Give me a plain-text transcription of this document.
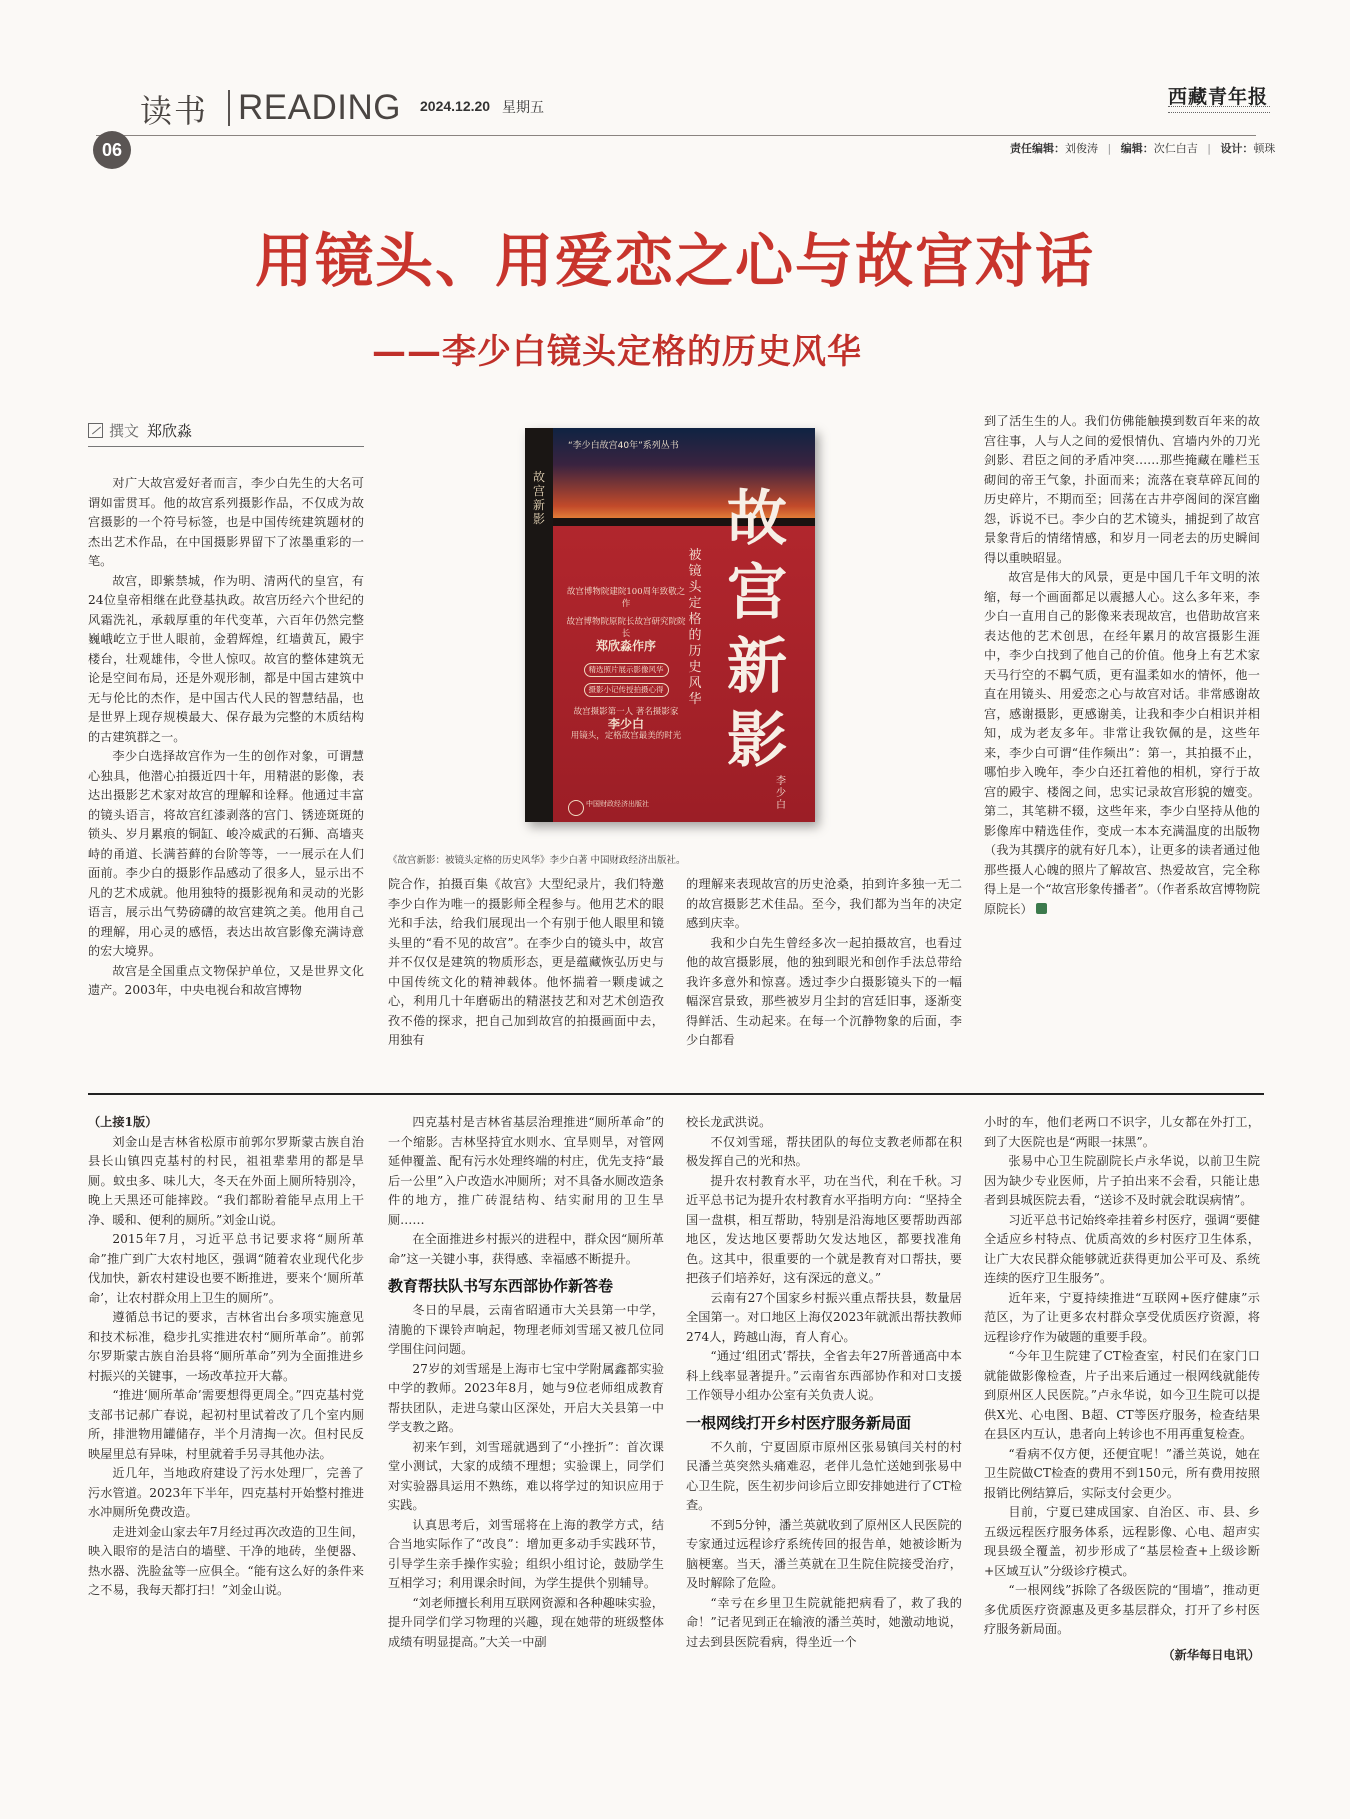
读书 READING 2024.12.20 星期五
06
西藏青年报
责任编辑：刘俊涛 | 编辑：次仁白吉 | 设计：顿珠
用镜头、用爱恋之心与故宫对话
——李少白镜头定格的历史风华
撰文 郑欣淼

对广大故宫爱好者而言，李少白先生的大名可谓如雷贯耳。他的故宫系列摄影作品，不仅成为故宫摄影的一个符号标签，也是中国传统建筑题材的杰出艺术作品，在中国摄影界留下了浓墨重彩的一笔。

故宫，即紫禁城，作为明、清两代的皇宫，有24位皇帝相继在此登基执政。故宫历经六个世纪的风霜洗礼，承载厚重的年代变革，六百年仍然完整巍峨屹立于世人眼前，金碧辉煌，红墙黄瓦，殿宇楼台，壮观雄伟，令世人惊叹。故宫的整体建筑无论是空间布局，还是外观形制，都是中国古建筑中无与伦比的杰作，是中国古代人民的智慧结晶，也是世界上现存规模最大、保存最为完整的木质结构的古建筑群之一。

李少白选择故宫作为一生的创作对象，可谓慧心独具，他潜心拍摄近四十年，用精湛的影像，表达出摄影艺术家对故宫的理解和诠释。他通过丰富的镜头语言，将故宫红漆剥落的宫门、锈迹斑斑的锁头、岁月累痕的铜缸、峻冷威武的石狮、高墙夹峙的甬道、长满苔藓的台阶等等，一一展示在人们面前。李少白的摄影作品感动了很多人，显示出不凡的艺术成就。他用独特的摄影视角和灵动的光影语言，展示出气势磅礴的故宫建筑之美。他用自己的理解，用心灵的感悟，表达出故宫影像充满诗意的宏大境界。

故宫是全国重点文物保护单位，又是世界文化遗产。2003年，中央电视台和故宫博物

院合作，拍摄百集《故宫》大型纪录片，我们特邀李少白作为唯一的摄影师全程参与。他用艺术的眼光和手法，给我们展现出一个有别于他人眼里和镜头里的“看不见的故宫”。在李少白的镜头中，故宫并不仅仅是建筑的物质形态，更是蕴藏恢弘历史与中国传统文化的精神载体。他怀揣着一颗虔诚之心，利用几十年磨砺出的精湛技艺和对艺术创造孜孜不倦的探求，把自己加到故宫的拍摄画面中去，用独有

的理解来表现故宫的历史沧桑，拍到许多独一无二的故宫摄影艺术佳品。至今，我们都为当年的决定感到庆幸。

我和少白先生曾经多次一起拍摄故宫，也看过他的故宫摄影展，他的独到眼光和创作手法总带给我许多意外和惊喜。透过李少白摄影镜头下的一幅幅深宫景致，那些被岁月尘封的宫廷旧事，逐渐变得鲜活、生动起来。在每一个沉静物象的后面，李少白都看

到了活生生的人。我们仿佛能触摸到数百年来的故宫往事，人与人之间的爱恨情仇、宫墙内外的刀光剑影、君臣之间的矛盾冲突……那些掩藏在雕栏玉砌间的帝王气象，扑面而来；流落在衰草碎瓦间的历史碎片，不期而至；回荡在古井亭阁间的深宫幽怨，诉说不已。李少白的艺术镜头，捕捉到了故宫景象背后的情绪情感，和岁月一同老去的历史瞬间得以重映昭显。

故宫是伟大的风景，更是中国几千年文明的浓缩，每一个画面都足以震撼人心。这么多年来，李少白一直用自己的影像来表现故宫，也借助故宫来表达他的艺术创思，在经年累月的故宫摄影生涯中，李少白找到了他自己的价值。他身上有艺术家天马行空的不羁气质，更有温柔如水的情怀，他一直在用镜头、用爱恋之心与故宫对话。非常感谢故宫，感谢摄影，更感谢美，让我和李少白相识并相知，成为老友多年。非常让我钦佩的是，这些年来，李少白可谓“佳作频出”：第一，其拍摄不止，哪怕步入晚年，李少白还扛着他的相机，穿行于故宫的殿宇、楼阁之间，忠实记录故宫形貌的嬗变。第二，其笔耕不辍，这些年来，李少白坚持从他的影像库中精选佳作，变成一本本充满温度的出版物（我为其撰序的就有好几本），让更多的读者通过他那些摄人心魄的照片了解故宫、热爱故宫，完全称得上是一个“故宫形象传播者”。（作者系故宫博物院原院长）

故宫新影
“李少白故宫40年”系列丛书
故宫新影
被镜头定格的历史风华
李少白
故宫博物院建院100周年致敬之作
故宫博物院原院长故宫研究院院长
郑欣淼作序
精选照片展示影像风华摄影小记传授拍摄心得
故宫摄影第一人 著名摄影家
李少白
用镜头，定格故宫最美的时光
中国财政经济出版社
《故宫新影：被镜头定格的历史风华》李少白著 中国财政经济出版社。

（上接1版）

刘金山是吉林省松原市前郭尔罗斯蒙古族自治县长山镇四克基村的村民，祖祖辈辈用的都是旱厕。蚊虫多、味儿大，冬天在外面上厕所特别冷，晚上天黑还可能摔跤。“我们都盼着能早点用上干净、暖和、便利的厕所。”刘金山说。

2015年7月，习近平总书记要求将“厕所革命”推广到广大农村地区，强调“随着农业现代化步伐加快，新农村建设也要不断推进，要来个‘厕所革命’，让农村群众用上卫生的厕所”。

遵循总书记的要求，吉林省出台多项实施意见和技术标准，稳步扎实推进农村“厕所革命”。前郭尔罗斯蒙古族自治县将“厕所革命”列为全面推进乡村振兴的关键事，一场改革拉开大幕。

“推进‘厕所革命’需要想得更周全。”四克基村党支部书记郝广春说，起初村里试着改了几个室内厕所，排泄物用罐储存，半个月清掏一次。但村民反映屋里总有异味，村里就着手另寻其他办法。

近几年，当地政府建设了污水处理厂，完善了污水管道。2023年下半年，四克基村开始整村推进水冲厕所免费改造。

走进刘金山家去年7月经过再次改造的卫生间，映入眼帘的是洁白的墙壁、干净的地砖，坐便器、热水器、洗脸盆等一应俱全。“能有这么好的条件来之不易，我每天都打扫！”刘金山说。

四克基村是吉林省基层治理推进“厕所革命”的一个缩影。吉林坚持宜水则水、宜旱则旱，对管网延伸覆盖、配有污水处理终端的村庄，优先支持“最后一公里”入户改造水冲厕所；对不具备水厕改造条件的地方，推广砖混结构、结实耐用的卫生旱厕……

在全面推进乡村振兴的进程中，群众因“厕所革命”这一关键小事，获得感、幸福感不断提升。

教育帮扶队书写东西部协作新答卷

冬日的早晨，云南省昭通市大关县第一中学，清脆的下课铃声响起，物理老师刘雪瑶又被几位同学围住问问题。

27岁的刘雪瑶是上海市七宝中学附属鑫都实验中学的教师。2023年8月，她与9位老师组成教育帮扶团队，走进乌蒙山区深处，开启大关县第一中学支教之路。

初来乍到，刘雪瑶就遇到了“小挫折”：首次课堂小测试，大家的成绩不理想；实验课上，同学们对实验器具运用不熟练，难以将学过的知识应用于实践。

认真思考后，刘雪瑶将在上海的教学方式，结合当地实际作了“改良”：增加更多动手实践环节，引导学生亲手操作实验；组织小组讨论，鼓励学生互相学习；利用课余时间，为学生提供个别辅导。

“刘老师擅长利用互联网资源和各种趣味实验，提升同学们学习物理的兴趣，现在她带的班级整体成绩有明显提高。”大关一中副

校长龙武洪说。

不仅刘雪瑶，帮扶团队的每位支教老师都在积极发挥自己的光和热。

提升农村教育水平，功在当代，利在千秋。习近平总书记为提升农村教育水平指明方向：“坚持全国一盘棋，相互帮助，特别是沿海地区要帮助西部地区，发达地区要帮助欠发达地区，都要找准角色。这其中，很重要的一个就是教育对口帮扶，要把孩子们培养好，这有深远的意义。”

云南有27个国家乡村振兴重点帮扶县，数量居全国第一。对口地区上海仅2023年就派出帮扶教师274人，跨越山海，育人育心。

“通过‘组团式’帮扶，全省去年27所普通高中本科上线率显著提升。”云南省东西部协作和对口支援工作领导小组办公室有关负责人说。

一根网线打开乡村医疗服务新局面

不久前，宁夏固原市原州区张易镇闫关村的村民潘兰英突然头痛难忍，老伴儿急忙送她到张易中心卫生院，医生初步问诊后立即安排她进行了CT检查。

不到5分钟，潘兰英就收到了原州区人民医院的专家通过远程诊疗系统传回的报告单，她被诊断为脑梗塞。当天，潘兰英就在卫生院住院接受治疗，及时解除了危险。

“幸亏在乡里卫生院就能把病看了，救了我的命！”记者见到正在输液的潘兰英时，她激动地说，过去到县医院看病，得坐近一个

小时的车，他们老两口不识字，儿女都在外打工，到了大医院也是“两眼一抹黑”。

张易中心卫生院副院长卢永华说，以前卫生院因为缺少专业医师，片子拍出来不会看，只能让患者到县城医院去看，“送诊不及时就会耽误病情”。

习近平总书记始终牵挂着乡村医疗，强调“要健全适应乡村特点、优质高效的乡村医疗卫生体系，让广大农民群众能够就近获得更加公平可及、系统连续的医疗卫生服务”。

近年来，宁夏持续推进“互联网+医疗健康”示范区，为了让更多农村群众享受优质医疗资源，将远程诊疗作为破题的重要手段。

“今年卫生院建了CT检查室，村民们在家门口就能做影像检查，片子出来后通过一根网线就能传到原州区人民医院。”卢永华说，如今卫生院可以提供X光、心电图、B超、CT等医疗服务，检查结果在县区内互认，患者向上转诊也不用再重复检查。

“看病不仅方便，还便宜呢！”潘兰英说，她在卫生院做CT检查的费用不到150元，所有费用按照报销比例结算后，实际支付会更少。

目前，宁夏已建成国家、自治区、市、县、乡五级远程医疗服务体系，远程影像、心电、超声实现县级全覆盖，初步形成了“基层检查+上级诊断+区域互认”分级诊疗模式。

“一根网线”拆除了各级医院的“围墙”，推动更多优质医疗资源惠及更多基层群众，打开了乡村医疗服务新局面。

（新华每日电讯）
